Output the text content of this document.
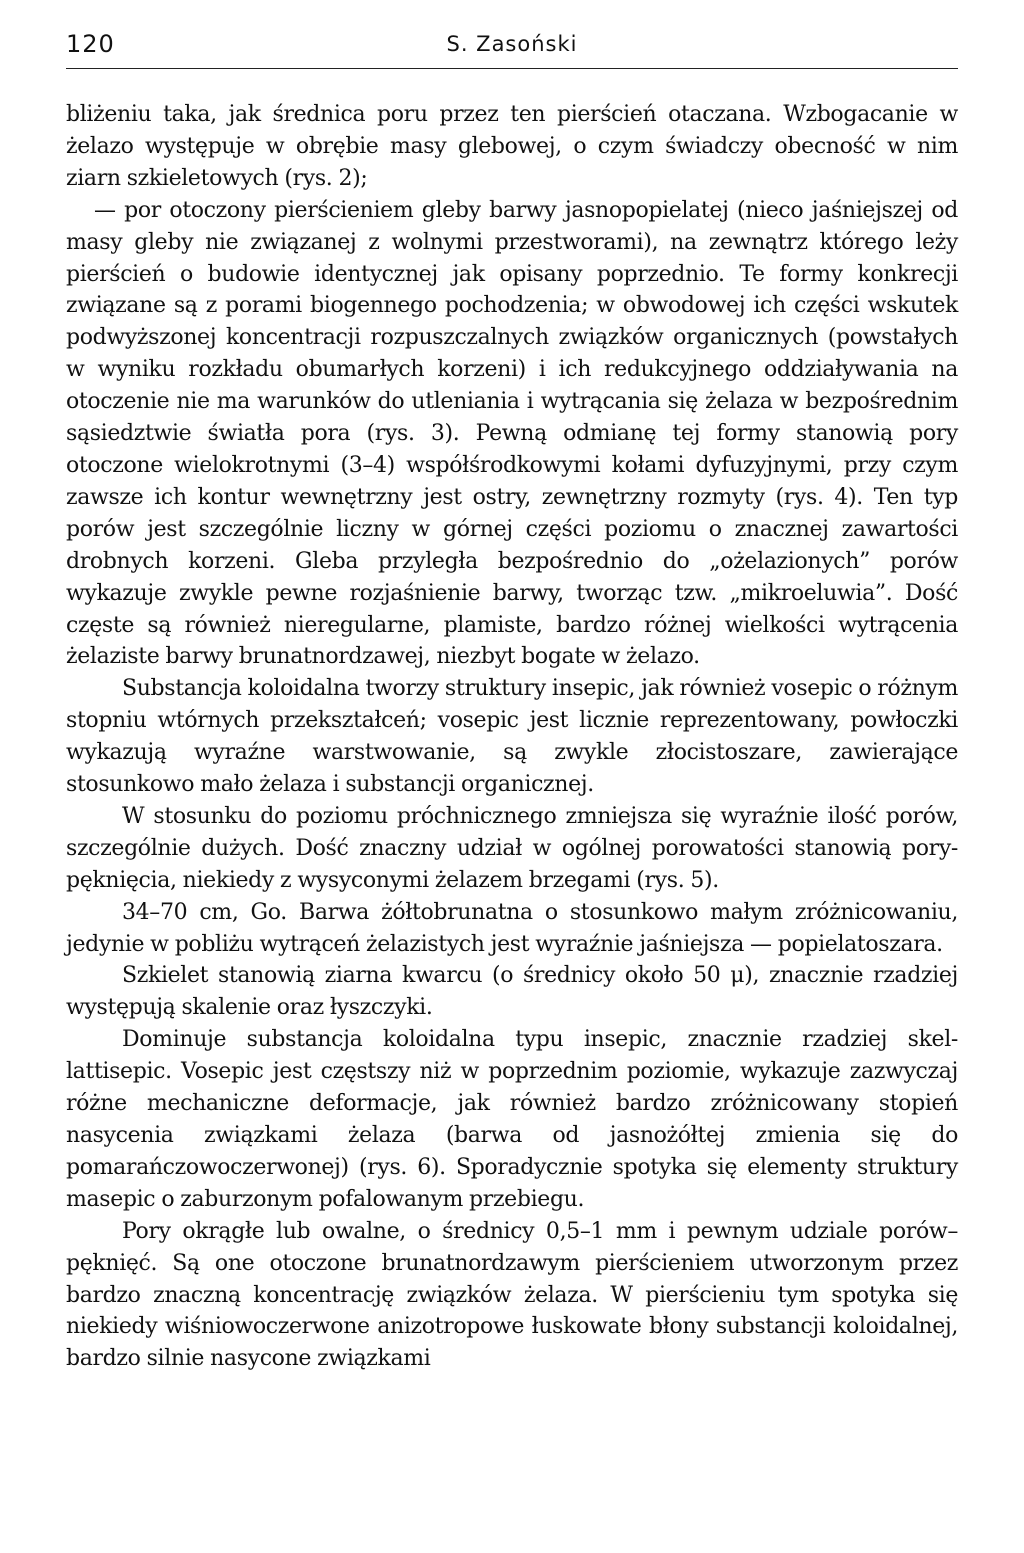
120	S. Zasoński

bliżeniu taka, jak średnica poru przez ten pierścień otaczana. Wzbogacanie w żelazo występuje w obrębie masy glebowej, o czym świadczy obecność w nim ziarn szkieletowych (rys. 2);

— por otoczony pierścieniem gleby barwy jasnopopielatej (nieco jaśniejszej od masy gleby nie związanej z wolnymi przestworami), na zewnątrz którego leży pierścień o budowie identycznej jak opisany poprzednio. Te formy konkrecji związane są z porami biogennego pochodzenia; w obwodowej ich części wskutek podwyższonej koncentracji rozpuszczalnych związków organicznych (powstałych w wyniku rozkładu obumarłych korzeni) i ich redukcyjnego oddziaływania na otoczenie nie ma warunków do utleniania i wytrącania się żelaza w bezpośrednim sąsiedztwie światła pora (rys. 3). Pewną odmianę tej formy stanowią pory otoczone wielokrotnymi (3–4) współśrodkowymi kołami dyfuzyjnymi, przy czym zawsze ich kontur wewnętrzny jest ostry, zewnętrzny rozmyty (rys. 4). Ten typ porów jest szczególnie liczny w górnej części poziomu o znacznej zawartości drobnych korzeni. Gleba przyległa bezpośrednio do „ożelazionych” porów wykazuje zwykle pewne rozjaśnienie barwy, tworząc tzw. „mikroeluwia”. Dość częste są również nieregularne, plamiste, bardzo różnej wielkości wytrącenia żelaziste barwy brunatnordzawej, niezbyt bogate w żelazo.

Substancja koloidalna tworzy struktury insepic, jak również vosepic o różnym stopniu wtórnych przekształceń; vosepic jest licznie reprezentowany, powłoczki wykazują wyraźne warstwowanie, są zwykle złocistoszare, zawierające stosunkowo mało żelaza i substancji organicznej.

W stosunku do poziomu próchnicznego zmniejsza się wyraźnie ilość porów, szczególnie dużych. Dość znaczny udział w ogólnej porowatości stanowią pory-pęknięcia, niekiedy z wysyconymi żelazem brzegami (rys. 5).

34–70 cm, Go. Barwa żółtobrunatna o stosunkowo małym zróżnicowaniu, jedynie w pobliżu wytrąceń żelazistych jest wyraźnie jaśniejsza — popielatoszara.

Szkielet stanowią ziarna kwarcu (o średnicy około 50 μ), znacznie rzadziej występują skalenie oraz łyszczyki.

Dominuje substancja koloidalna typu insepic, znacznie rzadziej skel-lattisepic. Vosepic jest częstszy niż w poprzednim poziomie, wykazuje zazwyczaj różne mechaniczne deformacje, jak również bardzo zróżnicowany stopień nasycenia związkami żelaza (barwa od jasnożółtej zmienia się do pomarańczowoczerwonej) (rys. 6). Sporadycznie spotyka się elementy struktury masepic o zaburzonym pofalowanym przebiegu.

Pory okrągłe lub owalne, o średnicy 0,5–1 mm i pewnym udziale porów–pęknięć. Są one otoczone brunatnordzawym pierścieniem utworzonym przez bardzo znaczną koncentrację związków żelaza. W pierścieniu tym spotyka się niekiedy wiśniowoczerwone anizotropowe łuskowate błony substancji koloidalnej, bardzo silnie nasycone związkami
